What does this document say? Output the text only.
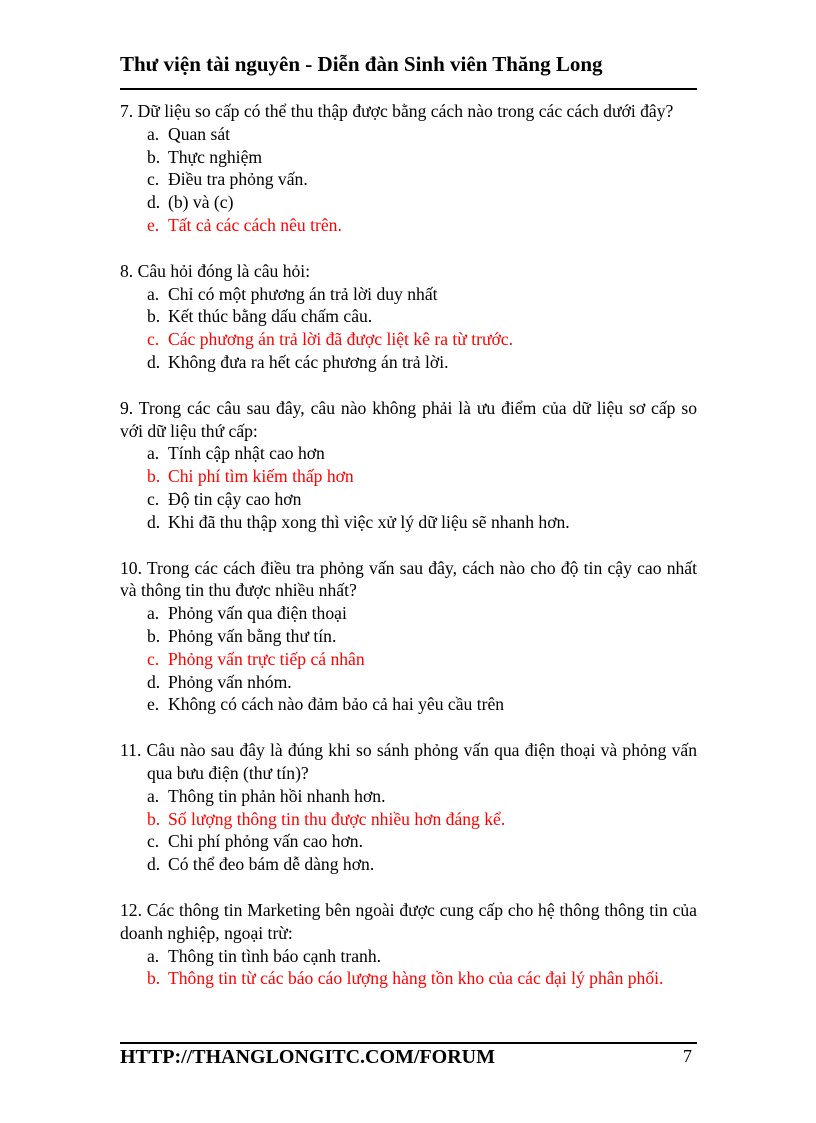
Thư viện tài nguyên - Diễn đàn Sinh viên Thăng Long
7. Dữ liệu so cấp có thể thu thập được bằng cách nào trong các cách dưới đây?
a. Quan sát
b. Thực nghiệm
c. Điều tra phỏng vấn.
d. (b) và (c)
e. Tất cả các cách nêu trên.
8. Câu hỏi đóng là câu hỏi:
a. Chỉ có một phương án trả lời duy nhất
b. Kết thúc bằng dấu chấm câu.
c. Các phương án trả lời đã được liệt kê ra từ trước.
d. Không đưa ra hết các phương án trả lời.
9. Trong các câu sau đây, câu nào không phải là ưu điểm của dữ liệu sơ cấp so với dữ liệu thứ cấp:
a. Tính cập nhật cao hơn
b. Chi phí tìm kiếm thấp hơn
c. Độ tin cậy cao hơn
d. Khi đã thu thập xong thì việc xử lý dữ liệu sẽ nhanh hơn.
10. Trong các cách điều tra phỏng vấn sau đây, cách nào cho độ tin cậy cao nhất và thông tin thu được nhiều nhất?
a. Phỏng vấn qua điện thoại
b. Phỏng vấn bằng thư tín.
c. Phỏng vấn trực tiếp cá nhân
d. Phỏng vấn nhóm.
e. Không có cách nào đảm bảo cả hai yêu cầu trên
11. Câu nào sau đây là đúng khi so sánh phỏng vấn qua điện thoại và phỏng vấn qua bưu điện (thư tín)?
a. Thông tin phản hồi nhanh hơn.
b. Số lượng thông tin thu được nhiều hơn đáng kể.
c. Chi phí phỏng vấn cao hơn.
d. Có thể đeo bám dễ dàng hơn.
12. Các thông tin Marketing bên ngoài được cung cấp cho hệ thông thông tin của doanh nghiệp, ngoại trừ:
a. Thông tin tình báo cạnh tranh.
b. Thông tin từ các báo cáo lượng hàng tồn kho của các đại lý phân phối.
HTTP://THANGLONGITC.COM/FORUM	7
